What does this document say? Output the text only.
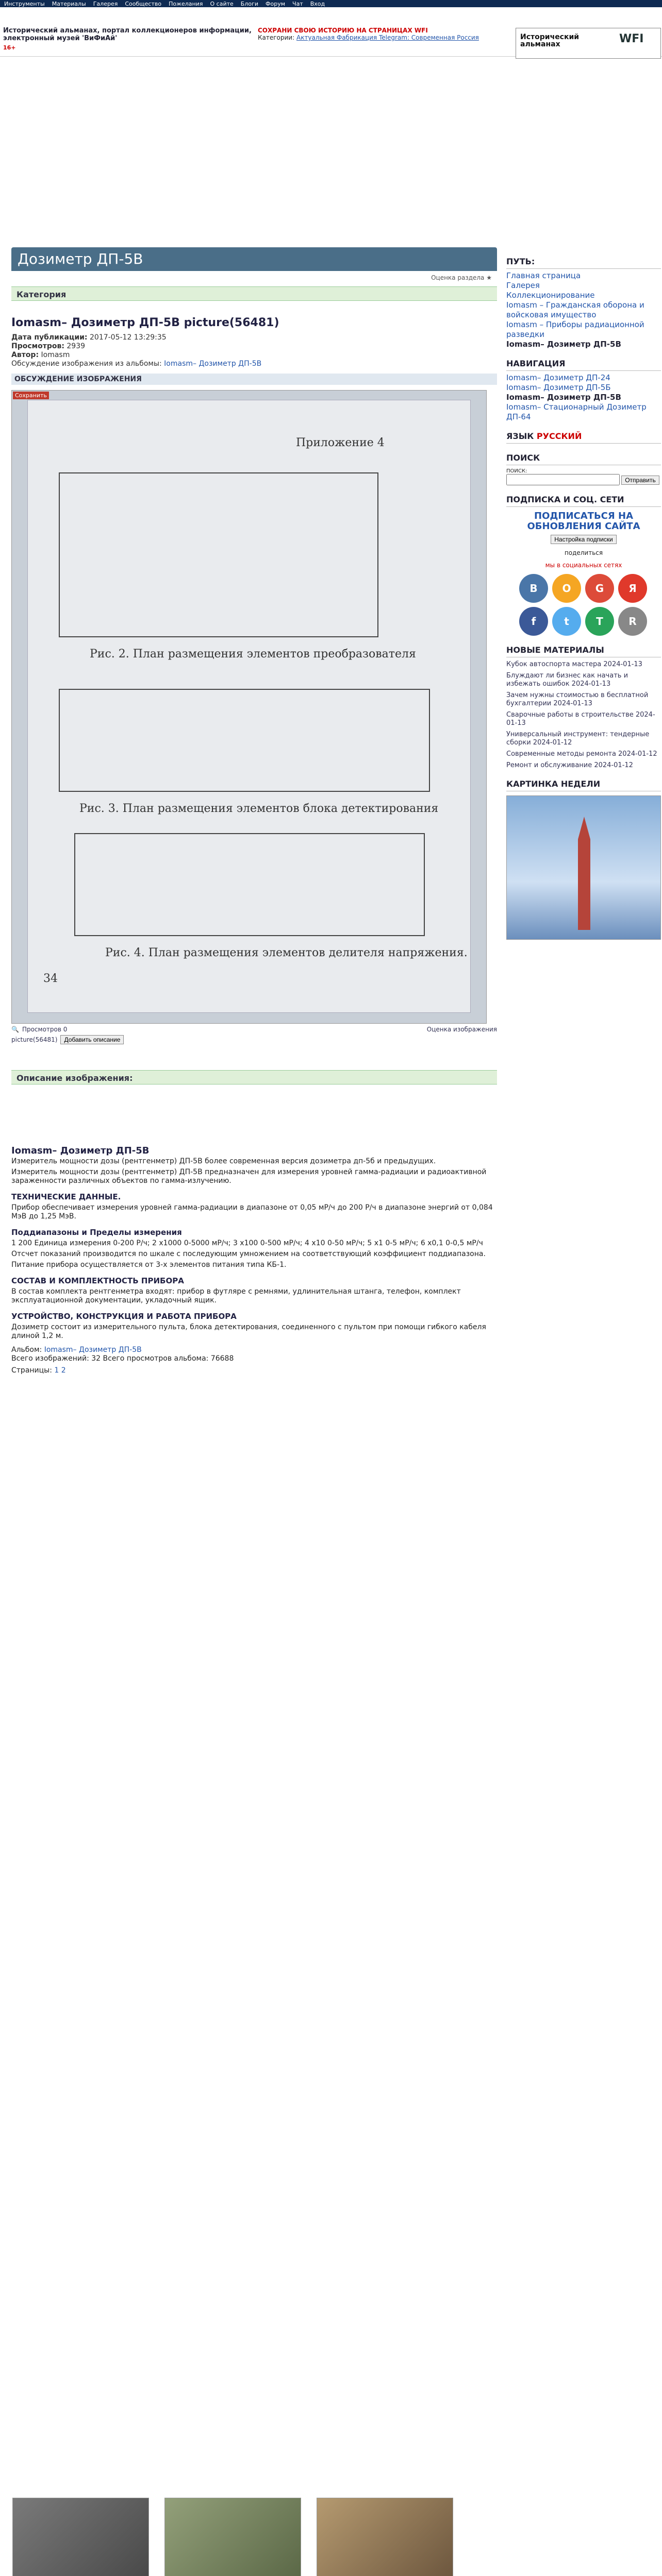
Инструменты Материалы Галерея Сообщество Пожелания О сайте Блоги Форум Чат Вход
Исторический альманах, портал коллекционеров информации, электронный музей 'ВиФиАй'
16+
СОХРАНИ СВОЮ ИСТОРИЮ НА СТРАНИЦАХ WFI
Категории: Актуальная Фабрикация Telegram: Современная Россия	Исторический альманах	WFI
Дозиметр ДП-5В
Оценка раздела ★
Категория
Iomasm– Дозиметр ДП-5В picture(56481)
Дата публикации: 2017-05-12 13:29:35
Просмотров: 2939
Автор: Iomasm
Обсуждение изображения из альбомы: Iomasm– Дозиметр ДП-5В
ОБСУЖДЕНИЕ ИЗОБРАЖЕНИЯ
Сохранить
Приложение 4
Рис. 2. План размещения элементов преобразователя
Рис. 3. План размещения элементов блока детектирования
Рис. 4. План размещения элементов делителя напряжения.
34
🔍 Просмотров 0	Оценка изображения
picture(56481)	Добавить описание
Описание изображения:
Iomasm– Дозиметр ДП-5В

Измеритель мощности дозы (рентгенметр) ДП-5В более современная версия дозиметра дп-5б и предыдущих.

Измеритель мощности дозы (рентгенметр) ДП-5В предназначен для измерения уровней гамма-радиации и радиоактивной зараженности различных объектов по гамма-излучению.

ТЕХНИЧЕСКИЕ ДАННЫЕ.

Прибор обеспечивает измерения уровней гамма-радиации в диапазоне от 0,05 мР/ч до 200 Р/ч в диапазоне энергий от 0,084 МэВ до 1,25 МэВ.

Поддиапазоны и Пределы измерения

1 200 Единица измерения 0-200 Р/ч; 2 х1000 0-5000 мР/ч; 3 х100 0-500 мР/ч; 4 х10 0-50 мР/ч; 5 х1 0-5 мР/ч; 6 х0,1 0-0,5 мР/ч

Отсчет показаний производится по шкале с последующим умножением на соответствующий коэффициент поддиапазона.

Питание прибора осуществляется от 3-х элементов питания типа КБ-1.

СОСТАВ И КОМПЛЕКТНОСТЬ ПРИБОРА

В состав комплекта рентгенметра входят: прибор в футляре с ремнями, удлинительная штанга, телефон, комплект эксплуатационной документации, укладочный ящик.

УСТРОЙСТВО, КОНСТРУКЦИЯ И РАБОТА ПРИБОРА

Дозиметр состоит из измерительного пульта, блока детектирования, соединенного с пультом при помощи гибкого кабеля длиной 1,2 м.

Альбом: Iomasm– Дозиметр ДП-5В
Всего изображений: 32 Всего просмотров альбома: 76688
Страницы: 1 2
ПУТЬ:
Главная страница
Галерея
Коллекционирование
Iomasm – Гражданская оборона и войсковая имущество
Iomasm – Приборы радиационной разведки
Iomasm– Дозиметр ДП-5В
НАВИГАЦИЯ
Iomasm– Дозиметр ДП-24
Iomasm– Дозиметр ДП-5Б
Iomasm– Дозиметр ДП-5В
Iomasm– Стационарный Дозиметр ДП-64
ЯЗЫК РУССКИЙ
ПОИСК
ПОИСК:
Отправить
ПОДПИСКА И СОЦ. СЕТИ
ПОДПИСАТЬСЯ НА ОБНОВЛЕНИЯ САЙТА
Настройка подписки
поделиться
мы в социальных сетях
В	О	G	Я
f	t	T	R
НОВЫЕ МАТЕРИАЛЫ

Кубок автоспорта мастера 2024-01-13

Блуждают ли бизнес как начать и избежать ошибок 2024-01-13

Зачем нужны стоимостью в бесплатной бухгалтерии 2024-01-13

Сварочные работы в строительстве 2024-01-13

Универсальный инструмент: тендерные сборки 2024-01-12

Современные методы ремонта 2024-01-12

Ремонт и обслуживание 2024-01-12

КАРТИНКА НЕДЕЛИ
